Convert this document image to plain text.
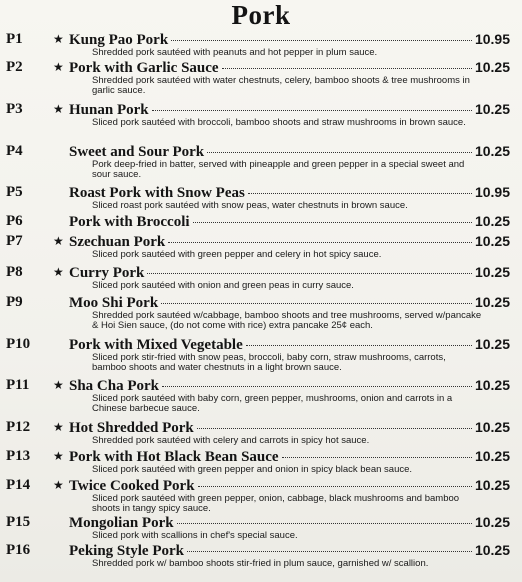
Pork
P1	★ Kung Pao Pork	10.95
Shredded pork sautéed with peanuts and hot pepper in plum sauce.
P2	★ Pork with Garlic Sauce	10.25
Shredded pork sautéed with water chestnuts, celery, bamboo shoots & tree mushrooms in garlic sauce.
P3	★ Hunan Pork	10.25
Sliced pork sautéed with broccoli, bamboo shoots and straw mushrooms in brown sauce.
P4	Sweet and Sour Pork	10.25
Pork deep-fried in batter, served with pineapple and green pepper in a special sweet and sour sauce.
P5	Roast Pork with Snow Peas	10.95
Sliced roast pork sautéed with snow peas, water chestnuts in brown sauce.
P6	Pork with Broccoli	10.25
P7	★ Szechuan Pork	10.25
Sliced pork sautéed with green pepper and celery in hot spicy sauce.
P8	★ Curry Pork	10.25
Sliced pork sautéed with onion and green peas in curry sauce.
P9	Moo Shi Pork	10.25
Shredded pork sautéed w/cabbage, bamboo shoots and tree mushrooms, served w/pancake & Hoi Sien sauce, (do not come with rice) extra pancake 25¢ each.
P10	Pork with Mixed Vegetable	10.25
Sliced pork stir-fried with snow peas, broccoli, baby corn, straw mushrooms, carrots, bamboo shoots and water chestnuts in a light brown sauce.
P11 ★ Sha Cha Pork	10.25
Sliced pork sautéed with baby corn, green pepper, mushrooms, onion and carrots in a Chinese barbecue sauce.
P12 ★ Hot Shredded Pork	10.25
Shredded pork sautéed with celery and carrots in spicy hot sauce.
P13 ★ Pork with Hot Black Bean Sauce	10.25
Sliced pork sautéed with green pepper and onion in spicy black bean sauce.
P14 ★ Twice Cooked Pork	10.25
Sliced pork sautéed with green pepper, onion, cabbage, black mushrooms and bamboo shoots in tangy spicy sauce.
P15	Mongolian Pork	10.25
Sliced pork with scallions in chef's special sauce.
P16	Peking Style Pork	10.25
Shredded pork w/ bamboo shoots stir-fried in plum sauce, garnished w/ scallion.
